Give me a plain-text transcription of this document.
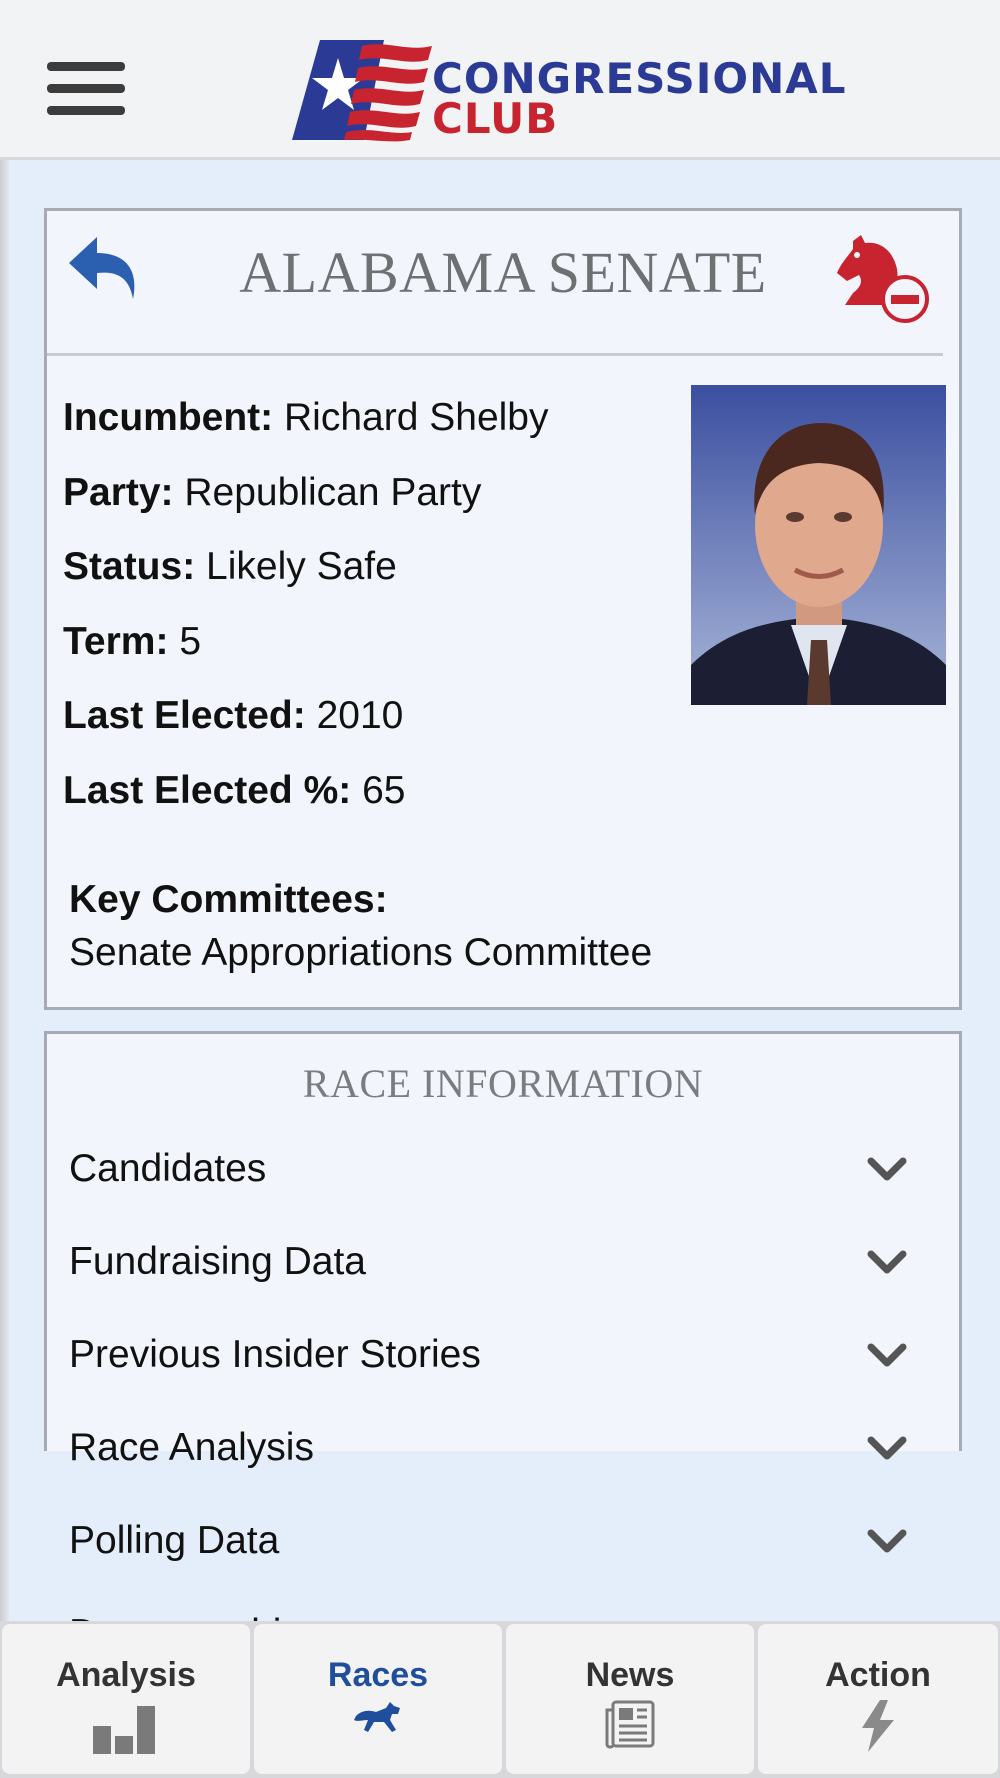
CONGRESSIONAL
CLUB
ALABAMA SENATE
Incumbent: Richard Shelby
Party: Republican Party
Status: Likely Safe
Term: 5
Last Elected: 2010
Last Elected %: 65
Key Committees:
Senate Appropriations Committee
RACE INFORMATION
Candidates
Fundraising Data
Previous Insider Stories
Race Analysis
Polling Data
Analysis	Races	News	Action
